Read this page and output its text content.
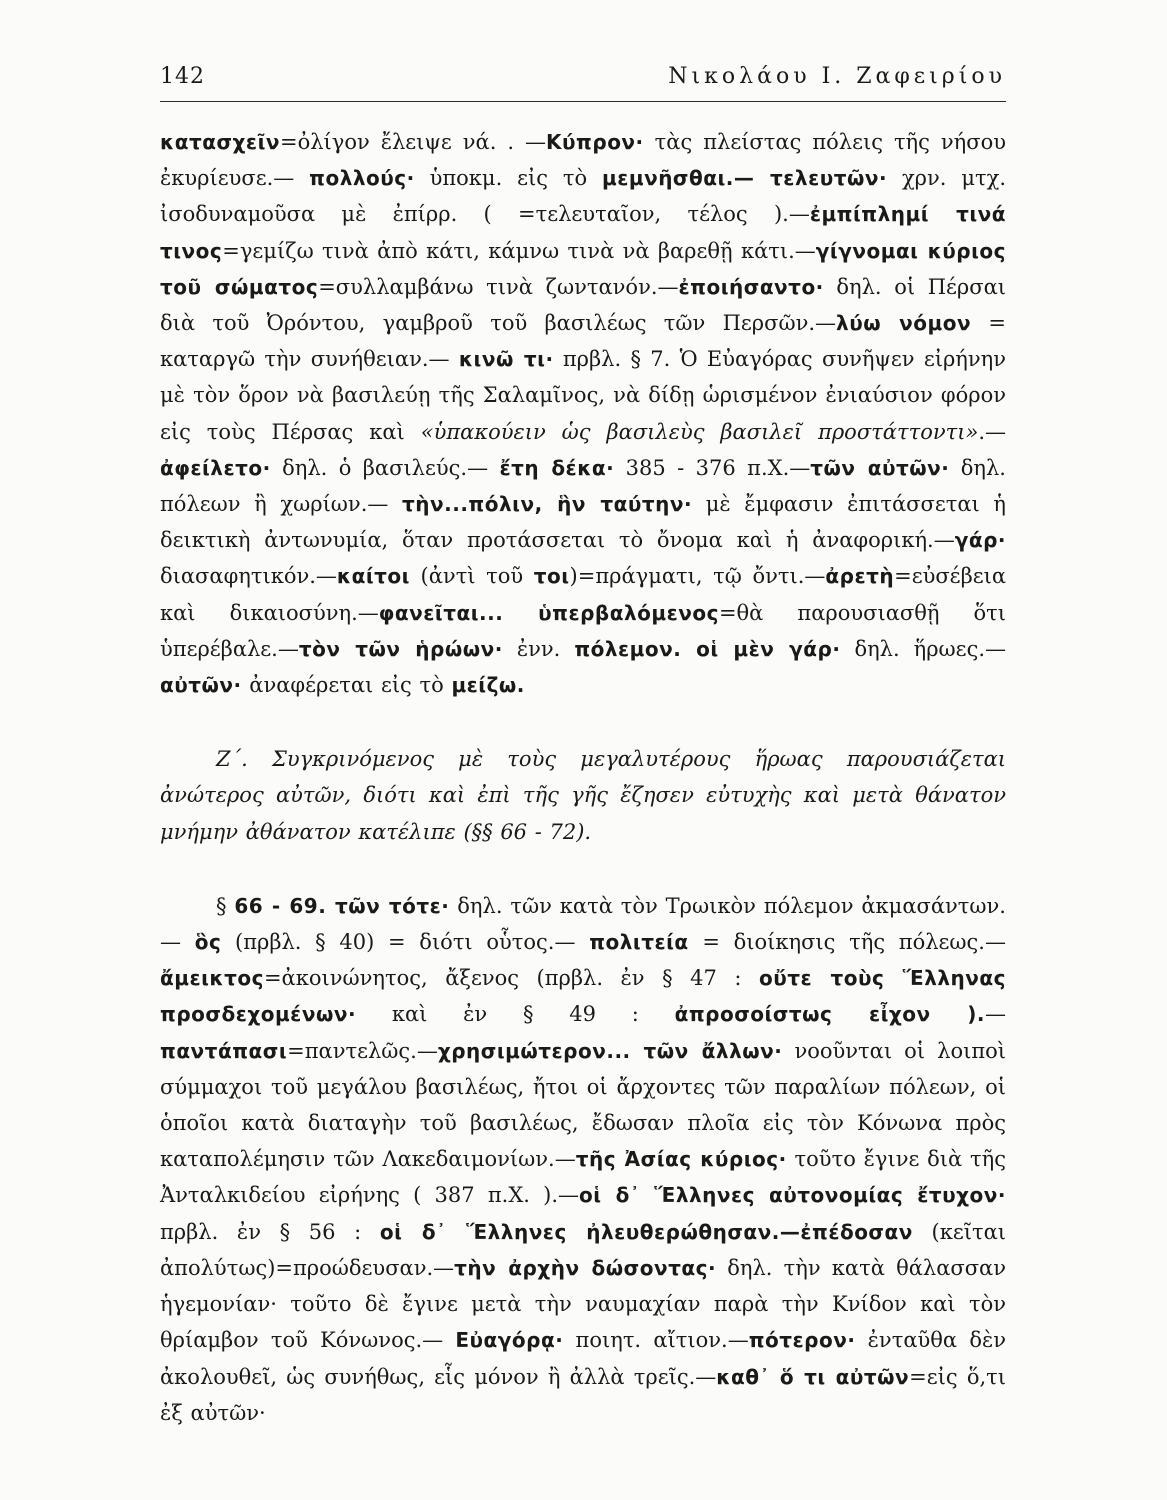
142	Νικολάου Ι. Ζαφειρίου

κατασχεῖν=ὀλίγον ἔλειψε νά. . —Κύπρον· τὰς πλείστας πόλεις τῆς νήσου ἐκυρίευσε.— πολλούς· ὑποκμ. εἰς τὸ μεμνῆσθαι.— τελευτῶν· χρν. μτχ. ἰσοδυναμοῦσα μὲ ἐπίρρ. ( =τελευταῖον, τέλος ).—ἐμπίπλημί τινά τινος=γεμίζω τινὰ ἀπὸ κάτι, κάμνω τινὰ νὰ βαρεθῇ κάτι.—γίγνομαι κύριος τοῦ σώματος=συλλαμβάνω τινὰ ζωντανόν.—ἐποιήσαντο· δηλ. οἱ Πέρσαι διὰ τοῦ Ὀρόντου, γαμβροῦ τοῦ βασιλέως τῶν Περσῶν.—λύω νόμον = καταργῶ τὴν συνήθειαν.— κινῶ τι· πρβλ. § 7. Ὁ Εὐαγόρας συνῆψεν εἰρήνην μὲ τὸν ὅρον νὰ βασιλεύῃ τῆς Σαλαμῖνος, νὰ δίδῃ ὡρισμένον ἐνιαύσιον φόρον εἰς τοὺς Πέρσας καὶ «ὑπακούειν ὡς βασιλεὺς βασιλεῖ προστάττοντι».—ἀφείλετο· δηλ. ὁ βασιλεύς.— ἔτη δέκα· 385 - 376 π.Χ.—τῶν αὐτῶν· δηλ. πόλεων ἢ χωρίων.— τὴν...πόλιν, ἣν ταύτην· μὲ ἔμφασιν ἐπιτάσσεται ἡ δεικτικὴ ἀντωνυμία, ὅταν προτάσσεται τὸ ὄνομα καὶ ἡ ἀναφορική.—γάρ· διασαφητικόν.—καίτοι (ἀντὶ τοῦ τοι)=πράγματι, τῷ ὄντι.—ἀρετὴ=εὐσέβεια καὶ δικαιοσύνη.—φανεῖται... ὑπερβαλόμενος=θὰ παρουσιασθῇ ὅτι ὑπερέβαλε.—τὸν τῶν ἡρώων· ἐνν. πόλεμον. οἱ μὲν γάρ· δηλ. ἥρωες.—αὐτῶν· ἀναφέρεται εἰς τὸ μείζω.

Ζ΄. Συγκρινόμενος μὲ τοὺς μεγαλυτέρους ἥρωας παρουσιάζεται ἀνώτερος αὐτῶν, διότι καὶ ἐπὶ τῆς γῆς ἔζησεν εὐτυχὴς καὶ μετὰ θάνατον μνήμην ἀθάνατον κατέλιπε (§§ 66 - 72).

§ 66 - 69. τῶν τότε· δηλ. τῶν κατὰ τὸν Τρωικὸν πόλεμον ἀκμασάντων.— ὃς (πρβλ. § 40) = διότι οὗτος.— πολιτεία = διοίκησις τῆς πόλεως.—ἄμεικτος=ἀκοινώνητος, ἄξενος (πρβλ. ἐν § 47 : οὔτε τοὺς Ἕλληνας προσδεχομένων· καὶ ἐν § 49 : ἀπροσοίστως εἶχον ).— παντάπασι=παντελῶς.—χρησιμώτερον... τῶν ἄλλων· νοοῦνται οἱ λοιποὶ σύμμαχοι τοῦ μεγάλου βασιλέως, ἤτοι οἱ ἄρχοντες τῶν παραλίων πόλεων, οἱ ὁποῖοι κατὰ διαταγὴν τοῦ βασιλέως, ἔδωσαν πλοῖα εἰς τὸν Κόνωνα πρὸς καταπολέμησιν τῶν Λακεδαιμονίων.—τῆς Ἀσίας κύριος· τοῦτο ἔγινε διὰ τῆς Ἀνταλκιδείου εἰρήνης ( 387 π.Χ. ).—οἱ δ᾽ Ἕλληνες αὐτονομίας ἔτυχον· πρβλ. ἐν § 56 : οἱ δ᾽ Ἕλληνες ἠλευθερώθησαν.—ἐπέδοσαν (κεῖται ἀπολύτως)=προώδευσαν.—τὴν ἀρχὴν δώσοντας· δηλ. τὴν κατὰ θάλασσαν ἡγεμονίαν· τοῦτο δὲ ἔγινε μετὰ τὴν ναυμαχίαν παρὰ τὴν Κνίδον καὶ τὸν θρίαμβον τοῦ Κόνωνος.— Εὐαγόρᾳ· ποιητ. αἴτιον.—πότερον· ἐνταῦθα δὲν ἀκολουθεῖ, ὡς συνήθως, εἷς μόνον ἢ ἀλλὰ τρεῖς.—καθ᾽ ὅ τι αὐτῶν=εἰς ὅ,τι ἐξ αὐτῶν·
